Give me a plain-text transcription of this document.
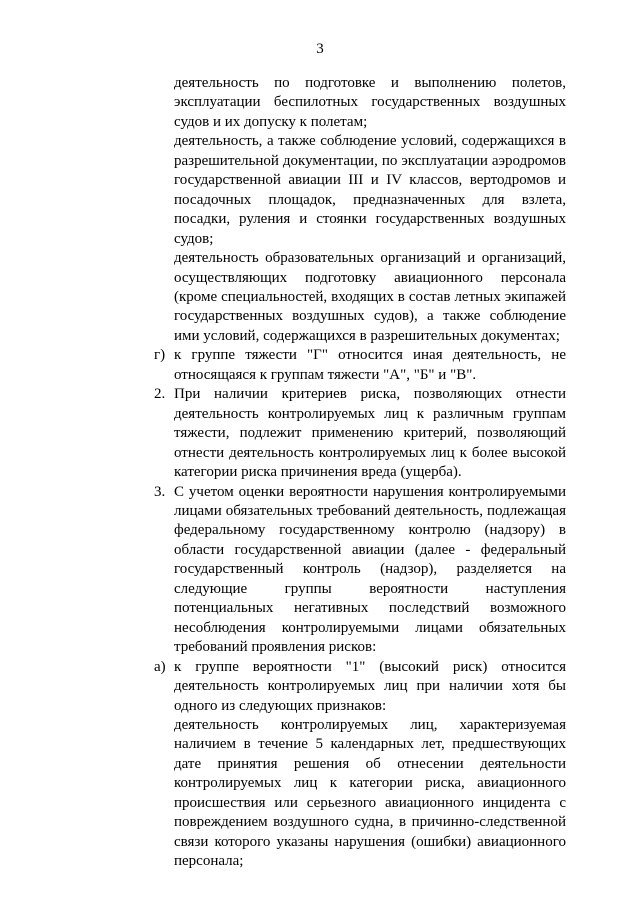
3

деятельность по подготовке и выполнению полетов, эксплуатации беспилотных государственных воздушных судов и их допуску к полетам;

деятельность, а также соблюдение условий, содержащихся в разрешительной документации, по эксплуатации аэродромов государственной авиации III и IV классов, вертодромов и посадочных площадок, предназначенных для взлета, посадки, руления и стоянки государственных воздушных судов;

деятельность образовательных организаций и организаций, осуществляющих подготовку авиационного персонала (кроме специальностей, входящих в состав летных экипажей государственных воздушных судов), а также соблюдение ими условий, содержащихся в разрешительных документах;

г) к группе тяжести "Г" относится иная деятельность, не относящаяся к группам тяжести "А", "Б" и "В".

2. При наличии критериев риска, позволяющих отнести деятельность контролируемых лиц к различным группам тяжести, подлежит применению критерий, позволяющий отнести деятельность контролируемых лиц к более высокой категории риска причинения вреда (ущерба).

3. С учетом оценки вероятности нарушения контролируемыми лицами обязательных требований деятельность, подлежащая федеральному государственному контролю (надзору) в области государственной авиации (далее - федеральный государственный контроль (надзор), разделяется на следующие группы вероятности наступления потенциальных негативных последствий возможного несоблюдения контролируемыми лицами обязательных требований проявления рисков:

а) к группе вероятности "1" (высокий риск) относится деятельность контролируемых лиц при наличии хотя бы одного из следующих признаков:

деятельность контролируемых лиц, характеризуемая наличием в течение 5 календарных лет, предшествующих дате принятия решения об отнесении деятельности контролируемых лиц к категории риска, авиационного происшествия или серьезного авиационного инцидента с повреждением воздушного судна, в причинно-следственной связи которого указаны нарушения (ошибки) авиационного персонала;
